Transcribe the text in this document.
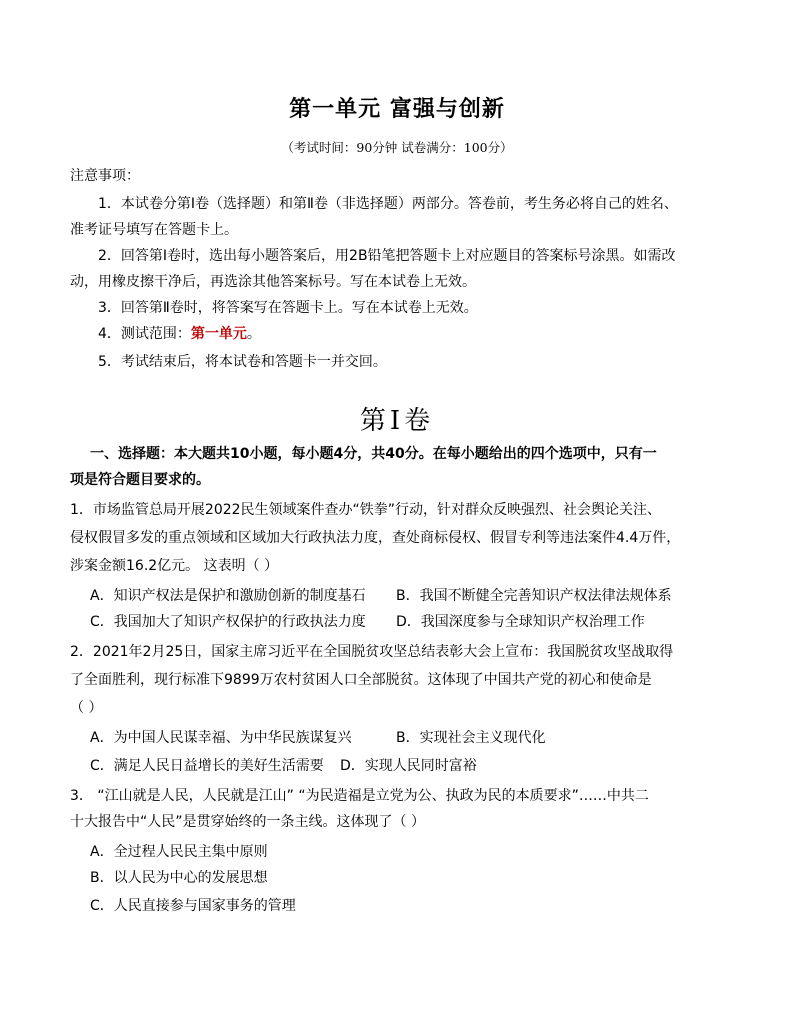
第一单元 富强与创新
（考试时间：90分钟 试卷满分：100分）
注意事项：
1．本试卷分第Ⅰ卷（选择题）和第Ⅱ卷（非选择题）两部分。答卷前，考生务必将自己的姓名、
准考证号填写在答题卡上。
2．回答第Ⅰ卷时，选出每小题答案后，用2B铅笔把答题卡上对应题目的答案标号涂黑。如需改
动，用橡皮擦干净后，再选涂其他答案标号。写在本试卷上无效。
3．回答第Ⅱ卷时，将答案写在答题卡上。写在本试卷上无效。
4．测试范围：第一单元。
5．考试结束后，将本试卷和答题卡一并交回。
第Ⅰ卷
一、选择题：本大题共10小题，每小题4分，共40分。在每小题给出的四个选项中，只有一
项是符合题目要求的。
1．市场监管总局开展2022民生领域案件查办“铁拳”行动，针对群众反映强烈、社会舆论关注、
侵权假冒多发的重点领域和区域加大行政执法力度，查处商标侵权、假冒专利等违法案件4.4万件，
涉案金额16.2亿元。 这表明（ ）
A．知识产权法是保护和激励创新的制度基石 B．我国不断健全完善知识产权法律法规体系
C．我国加大了知识产权保护的行政执法力度 D．我国深度参与全球知识产权治理工作
2．2021年2月25日，国家主席习近平在全国脱贫攻坚总结表彰大会上宣布：我国脱贫攻坚战取得
了全面胜利，现行标准下9899万农村贫困人口全部脱贫。这体现了中国共产党的初心和使命是
（ ）
A．为中国人民谋幸福、为中华民族谋复兴	B．实现社会主义现代化
C．满足人民日益增长的美好生活需要 D．实现人民同时富裕
3． “江山就是人民，人民就是江山” “为民造福是立党为公、执政为民的本质要求”……中共二
十大报告中“人民”是贯穿始终的一条主线。这体现了（ ）
A．全过程人民民主集中原则
B．以人民为中心的发展思想
C．人民直接参与国家事务的管理
